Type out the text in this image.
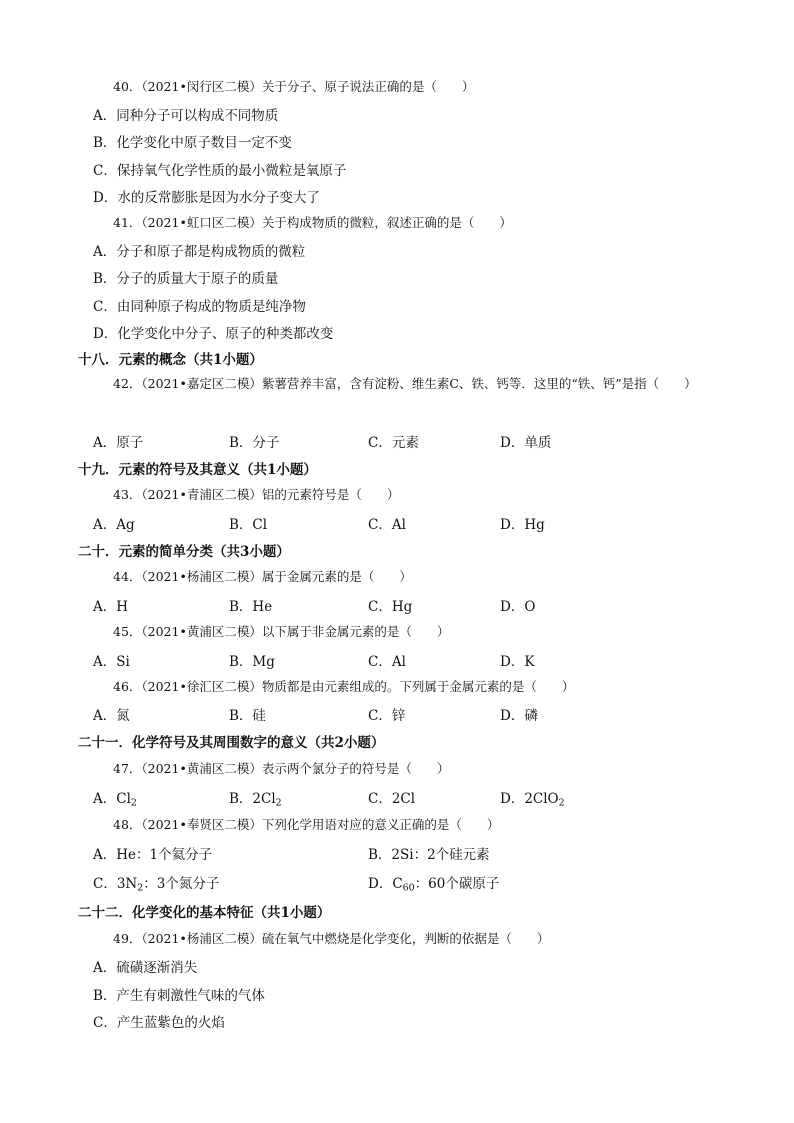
40．（2021•闵行区二模）关于分子、原子说法正确的是（　　）
A．同种分子可以构成不同物质
B．化学变化中原子数目一定不变
C．保持氧气化学性质的最小微粒是氧原子
D．水的反常膨胀是因为水分子变大了
41．（2021•虹口区二模）关于构成物质的微粒，叙述正确的是（　　）
A．分子和原子都是构成物质的微粒
B．分子的质量大于原子的质量
C．由同种原子构成的物质是纯净物
D．化学变化中分子、原子的种类都改变
十八．元素的概念（共1小题）
42．（2021•嘉定区二模）紫薯营养丰富，含有淀粉、维生素C、铁、钙等．这里的“铁、钙”是指（　　）
A．原子	B．分子	C．元素	D．单质
十九．元素的符号及其意义（共1小题）
43．（2021•青浦区二模）铝的元素符号是（　　）
A．Ag	B．Cl	C．Al	D．Hg
二十．元素的简单分类（共3小题）
44．（2021•杨浦区二模）属于金属元素的是（　　）
A．H	B．He	C．Hg	D．O
45．（2021•黄浦区二模）以下属于非金属元素的是（　　）
A．Si	B．Mg	C．Al	D．K
46．（2021•徐汇区二模）物质都是由元素组成的。下列属于金属元素的是（　　）
A．氮	B．硅	C．锌	D．磷
二十一．化学符号及其周围数字的意义（共2小题）
47．（2021•黄浦区二模）表示两个氯分子的符号是（　　）
A．$Cl_2$	B．$2Cl_2$	C．2Cl	D．2ClO$_2$
48．（2021•奉贤区二模）下列化学用语对应的意义正确的是（　　）
A．He：1个氦分子	B．2Si：2个硅元素
C．$3N_2$：3个氮分子	D．$C_{60}$：60个碳原子
二十二．化学变化的基本特征（共1小题）
49．（2021•杨浦区二模）硫在氧气中燃烧是化学变化，判断的依据是（　　）
A．硫磺逐渐消失
B．产生有刺激性气味的气体
C．产生蓝紫色的火焰
